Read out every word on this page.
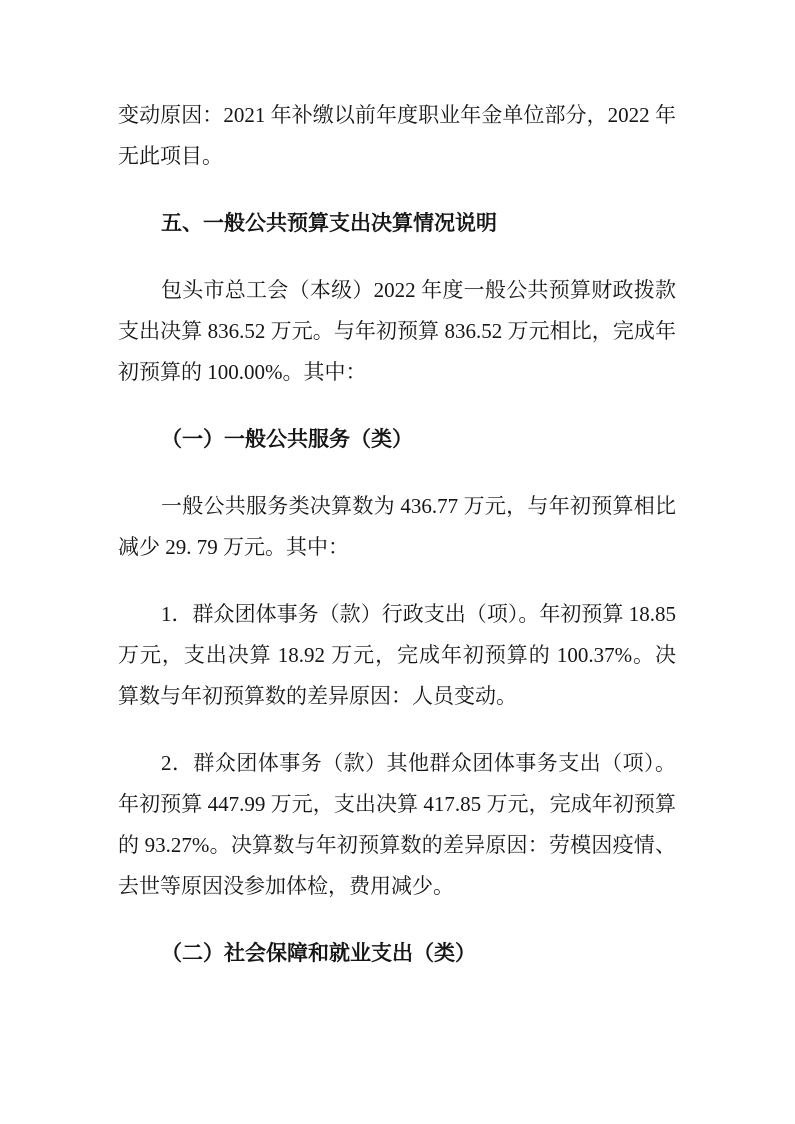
变动原因：2021 年补缴以前年度职业年金单位部分，2022 年无此项目。

五、一般公共预算支出决算情况说明

包头市总工会（本级）2022 年度一般公共预算财政拨款支出决算 836.52 万元。与年初预算 836.52 万元相比，完成年初预算的 100.00%。其中：

（一）一般公共服务（类）

一般公共服务类决算数为 436.77 万元，与年初预算相比减少 29. 79 万元。其中：

1．群众团体事务（款）行政支出（项）。年初预算 18.85 万元，支出决算 18.92 万元，完成年初预算的 100.37%。决算数与年初预算数的差异原因：人员变动。

2．群众团体事务（款）其他群众团体事务支出（项）。年初预算 447.99 万元，支出决算 417.85 万元，完成年初预算的 93.27%。决算数与年初预算数的差异原因：劳模因疫情、去世等原因没参加体检，费用减少。

（二）社会保障和就业支出（类）
